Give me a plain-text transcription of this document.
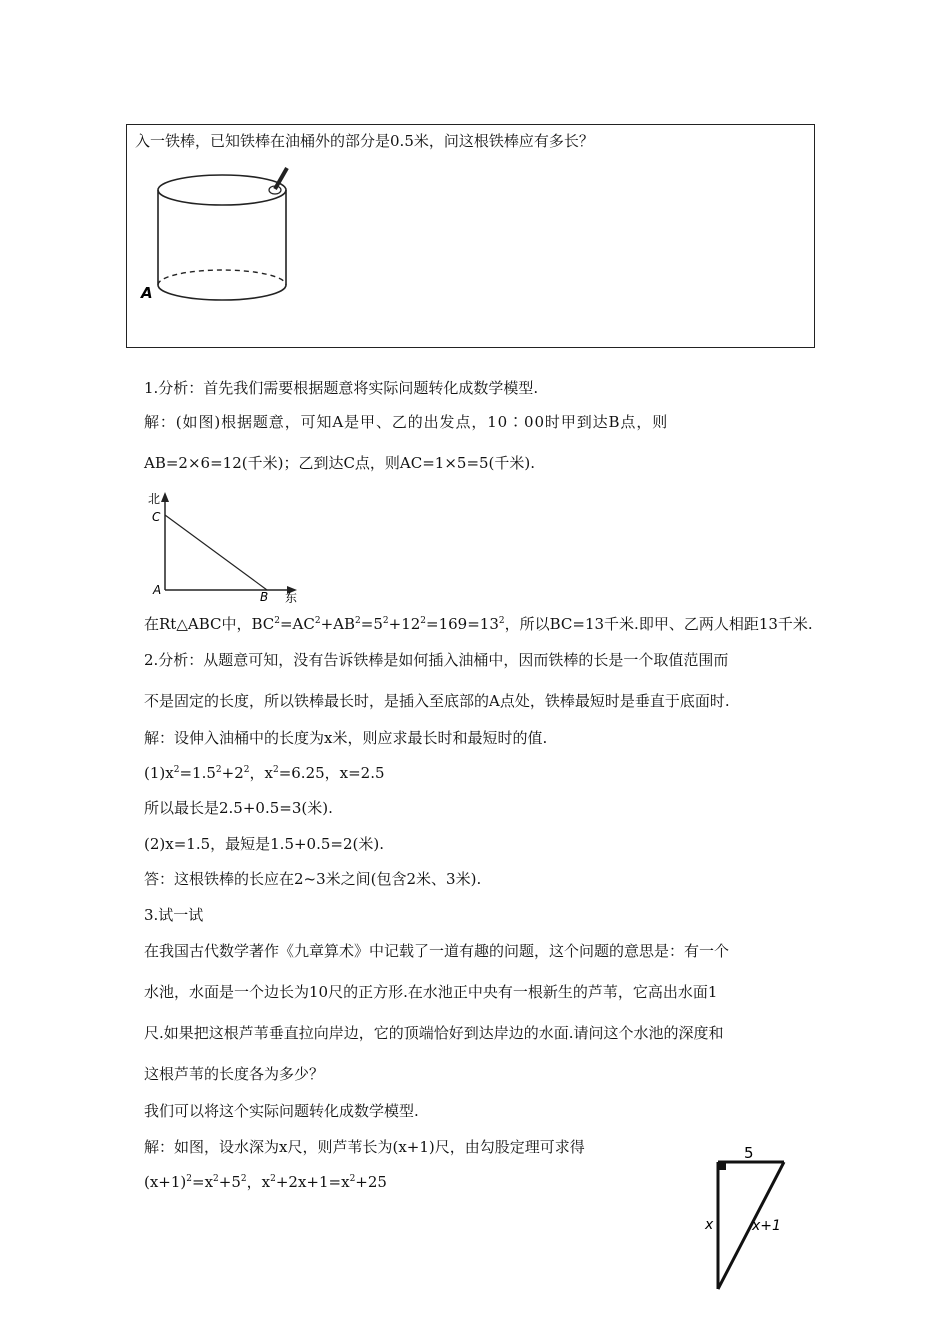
入一铁棒，已知铁棒在油桶外的部分是0.5米，问这根铁棒应有多长？
A
1.分析：首先我们需要根据题意将实际问题转化成数学模型.
解：(如图)根据题意，可知A是甲、乙的出发点，10∶00时甲到达B点，则
AB=2×6=12(千米)；乙到达C点，则AC=1×5=5(千米).
北
C
A	B 东
在Rt△ABC中，$BC^2=AC^2+AB^2=5^2+12^2=169=13^2$，所以BC=13千米.即甲、乙两人相距13千米.
2.分析：从题意可知，没有告诉铁棒是如何插入油桶中，因而铁棒的长是一个取值范围而
不是固定的长度，所以铁棒最长时，是插入至底部的A点处，铁棒最短时是垂直于底面时.
解：设伸入油桶中的长度为x米，则应求最长时和最短时的值.
$(1)x^2=1.5^2+2^2$，$x^2=6.25$，x=2.5
所以最长是2.5+0.5=3(米).
(2)x=1.5，最短是1.5+0.5=2(米).
答：这根铁棒的长应在2~3米之间(包含2米、3米).
3.试一试
在我国古代数学著作《九章算术》中记载了一道有趣的问题，这个问题的意思是：有一个
水池，水面是一个边长为10尺的正方形.在水池正中央有一根新生的芦苇，它高出水面1
尺.如果把这根芦苇垂直拉向岸边，它的顶端恰好到达岸边的水面.请问这个水池的深度和
这根芦苇的长度各为多少？
我们可以将这个实际问题转化成数学模型.
解：如图，设水深为x尺，则芦苇长为(x+1)尺，由勾股定理可求得
$(x+1)^2=x^2+5^2$，$x^2+2x+1=x^2+25$
5
x	x+1
